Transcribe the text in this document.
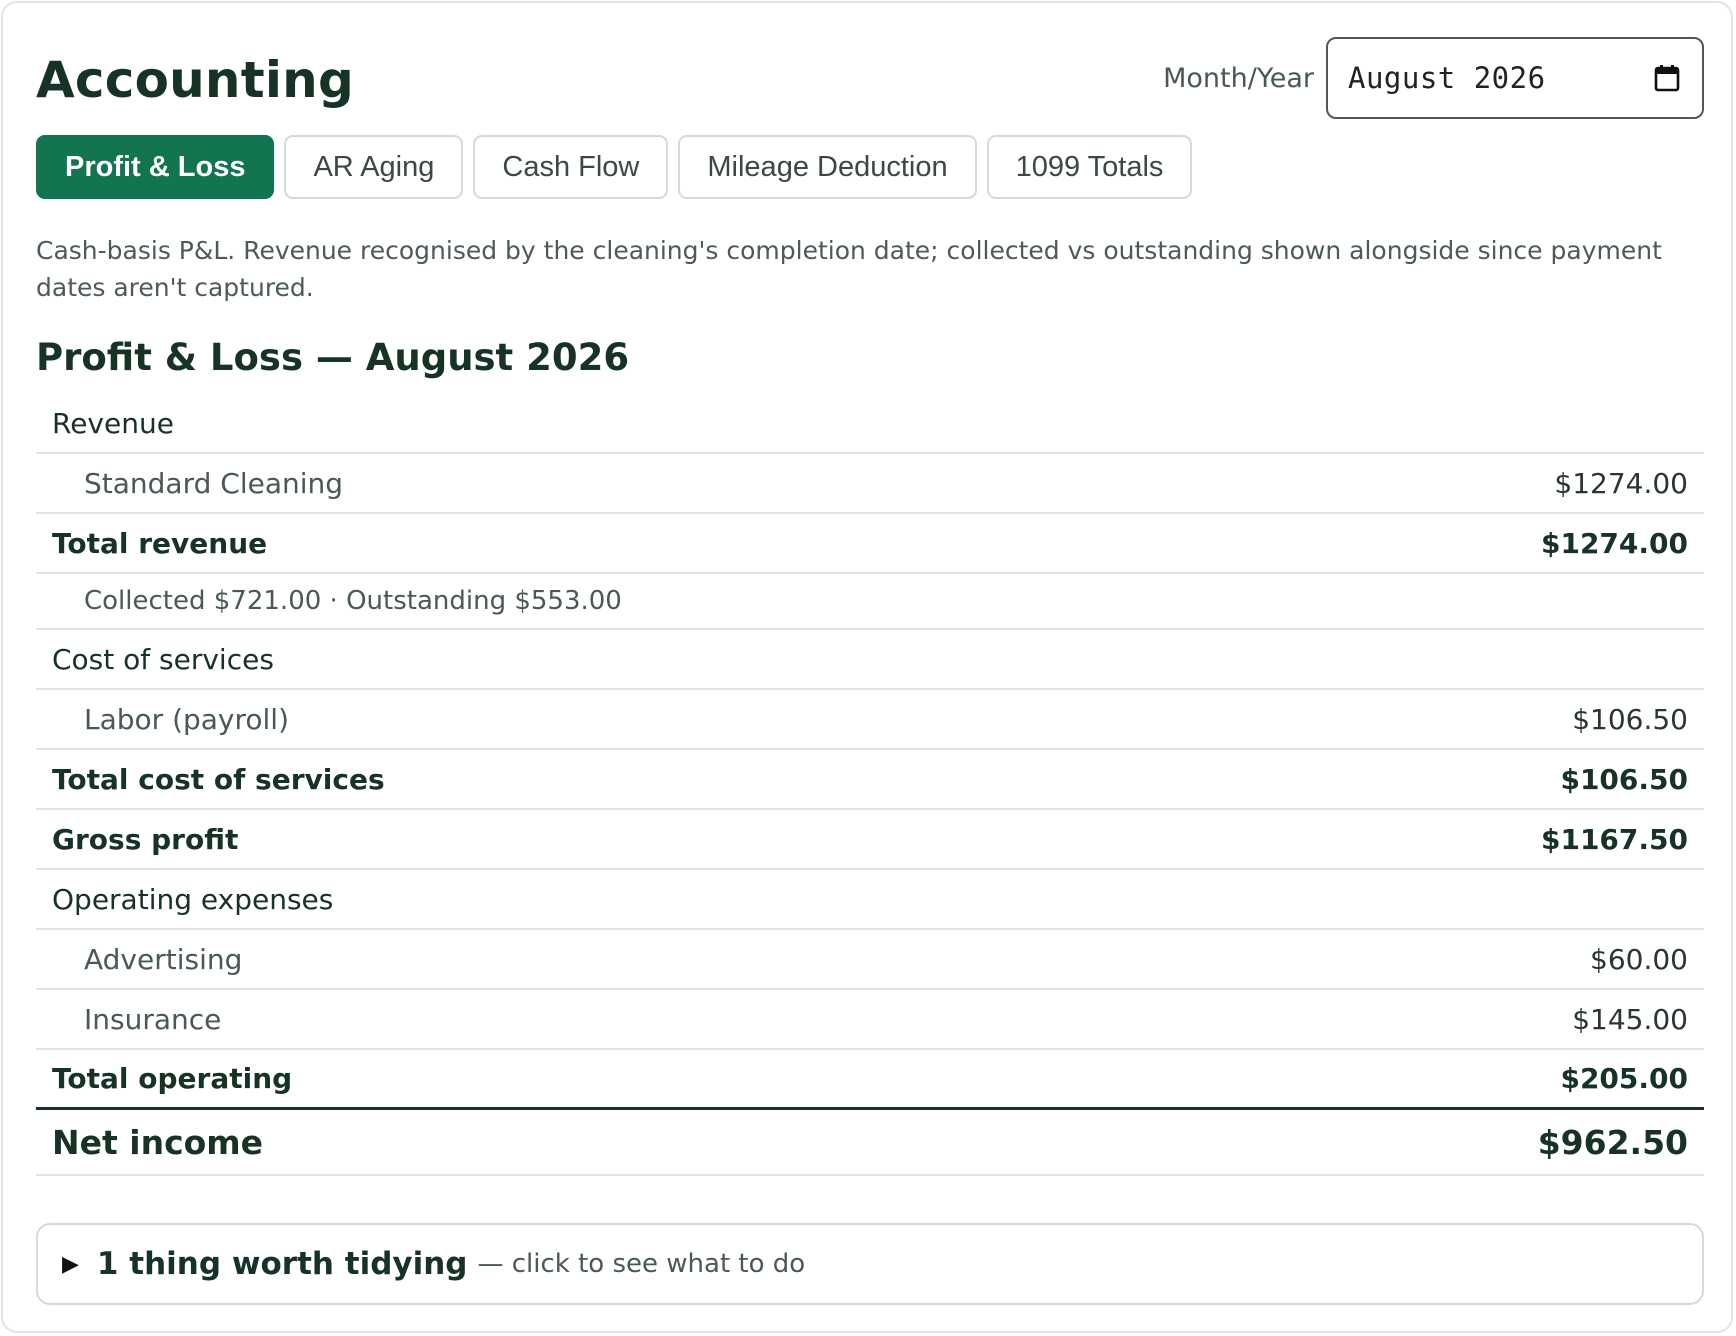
Accounting	Month/Year August 2026
Profit & Loss	AR Aging	Cash Flow	Mileage Deduction	1099 Totals

Cash-basis P&L. Revenue recognised by the cleaning's completion date; collected vs outstanding shown alongside since payment dates aren't captured.

Profit & Loss — August 2026
Revenue
Standard Cleaning	$1274.00
Total revenue	$1274.00
Collected $721.00 · Outstanding $553.00
Cost of services
Labor (payroll)	$106.50
Total cost of services	$106.50
Gross profit	$1167.50
Operating expenses
Advertising	$60.00
Insurance	$145.00
Total operating	$205.00
Net income	$962.50
▶ 1 thing worth tidying — click to see what to do
